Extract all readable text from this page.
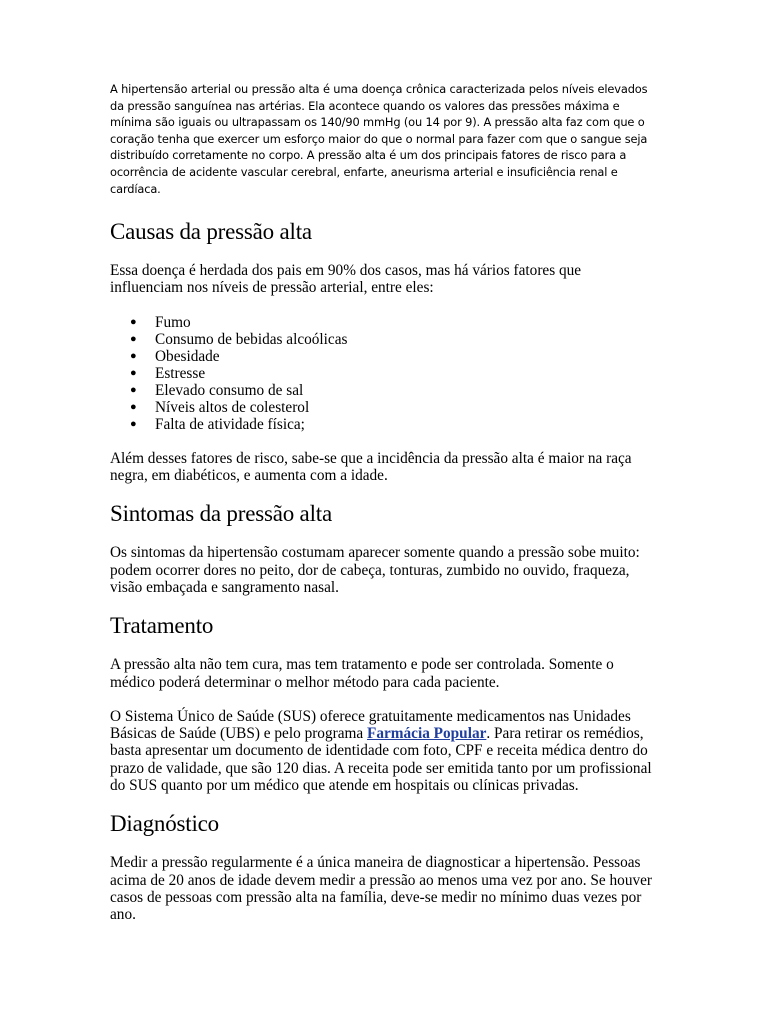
A hipertensão arterial ou pressão alta é uma doença crônica caracterizada pelos níveis elevados da pressão sanguínea nas artérias. Ela acontece quando os valores das pressões máxima e mínima são iguais ou ultrapassam os 140/90 mmHg (ou 14 por 9). A pressão alta faz com que o coração tenha que exercer um esforço maior do que o normal para fazer com que o sangue seja distribuído corretamente no corpo. A pressão alta é um dos principais fatores de risco para a ocorrência de acidente vascular cerebral, enfarte, aneurisma arterial e insuficiência renal e cardíaca.

Causas da pressão alta

Essa doença é herdada dos pais em 90% dos casos, mas há vários fatores que influenciam nos níveis de pressão arterial, entre eles:

● Fumo
● Consumo de bebidas alcoólicas
● Obesidade
● Estresse
● Elevado consumo de sal
● Níveis altos de colesterol
● Falta de atividade física;

Além desses fatores de risco, sabe-se que a incidência da pressão alta é maior na raça negra, em diabéticos, e aumenta com a idade.

Sintomas da pressão alta

Os sintomas da hipertensão costumam aparecer somente quando a pressão sobe muito: podem ocorrer dores no peito, dor de cabeça, tonturas, zumbido no ouvido, fraqueza, visão embaçada e sangramento nasal.

Tratamento

A pressão alta não tem cura, mas tem tratamento e pode ser controlada. Somente o médico poderá determinar o melhor método para cada paciente.

O Sistema Único de Saúde (SUS) oferece gratuitamente medicamentos nas Unidades Básicas de Saúde (UBS) e pelo programa Farmácia Popular. Para retirar os remédios, basta apresentar um documento de identidade com foto, CPF e receita médica dentro do prazo de validade, que são 120 dias. A receita pode ser emitida tanto por um profissional do SUS quanto por um médico que atende em hospitais ou clínicas privadas.

Diagnóstico

Medir a pressão regularmente é a única maneira de diagnosticar a hipertensão. Pessoas acima de 20 anos de idade devem medir a pressão ao menos uma vez por ano. Se houver casos de pessoas com pressão alta na família, deve-se medir no mínimo duas vezes por ano.
